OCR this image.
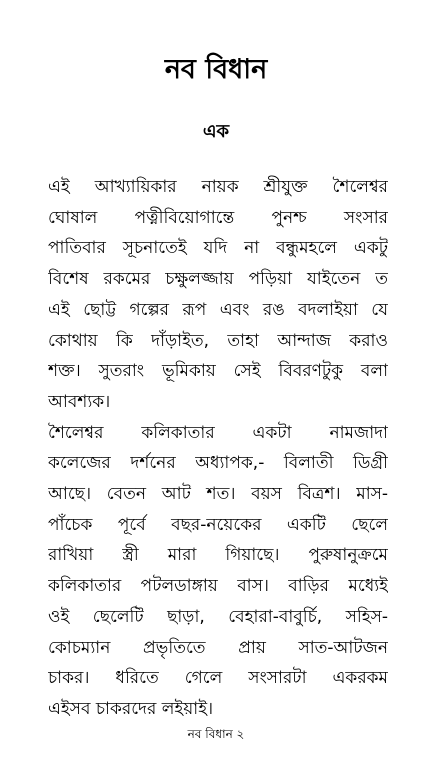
নব বিধান
এক

এই আখ্যায়িকার নায়ক শ্রীযুক্ত শৈলেশ্বর
ঘোষাল পত্নীবিয়োগান্তে পুনশ্চ সংসার
পাতিবার সূচনাতেই যদি না বন্ধুমহলে একটু
বিশেষ রকমের চক্ষুলজ্জায় পড়িয়া যাইতেন ত
এই ছোট্ট গল্পের রূপ এবং রঙ বদলাইয়া যে
কোথায় কি দাঁড়াইত, তাহা আন্দাজ করাও
শক্ত। সুতরাং ভূমিকায় সেই বিবরণটুকু বলা
আবশ্যক।

শৈলেশ্বর কলিকাতার একটা নামজাদা
কলেজের দর্শনের অধ্যাপক,- বিলাতী ডিগ্রী
আছে। বেতন আট শত। বয়স বিত্রশ। মাস-
পাঁচেক পূর্বে বছর-নয়েকের একটি ছেলে
রাখিয়া স্ত্রী মারা গিয়াছে। পুরুষানুক্রমে
কলিকাতার পটলডাঙ্গায় বাস। বাড়ির মধ্যেই
ওই ছেলেটি ছাড়া, বেহারা-বাবুর্চি, সহিস-
কোচম্যান প্রভৃতিতে প্রায় সাত-আটজন
চাকর। ধরিতে গেলে সংসারটা একরকম
এইসব চাকরদের লইয়াই।

নব বিধান ২
